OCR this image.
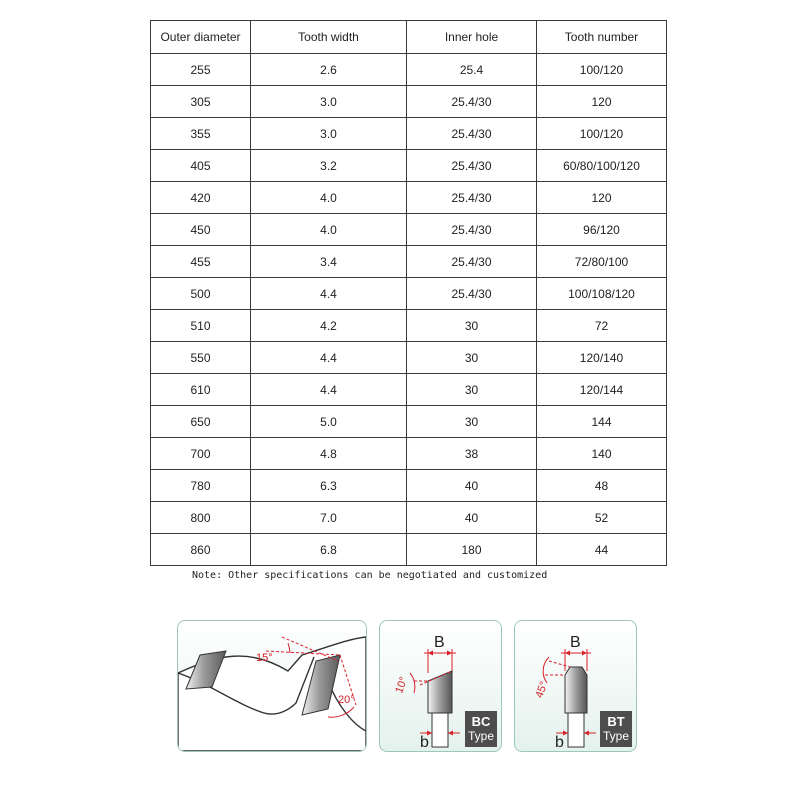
Outer diameter	Tooth width	Inner hole	Tooth number
255	2.6	25.4	100/120
305	3.0	25.4/30	120
355	3.0	25.4/30	100/120
405	3.2	25.4/30	60/80/100/120
420	4.0	25.4/30	120
450	4.0	25.4/30	96/120
455	3.4	25.4/30	72/80/100
500	4.4	25.4/30	100/108/120
510	4.2	30	72
550	4.4	30	120/140
610	4.4	30	120/144
650	5.0	30	144
700	4.8	38	140
780	6.3	40	48
800	7.0	40	52
860	6.8	180	44
Note: Other specifications can be negotiated and customized
15°
20°
B
10°
b
BC
Type
B
45°
b
BT
Type
